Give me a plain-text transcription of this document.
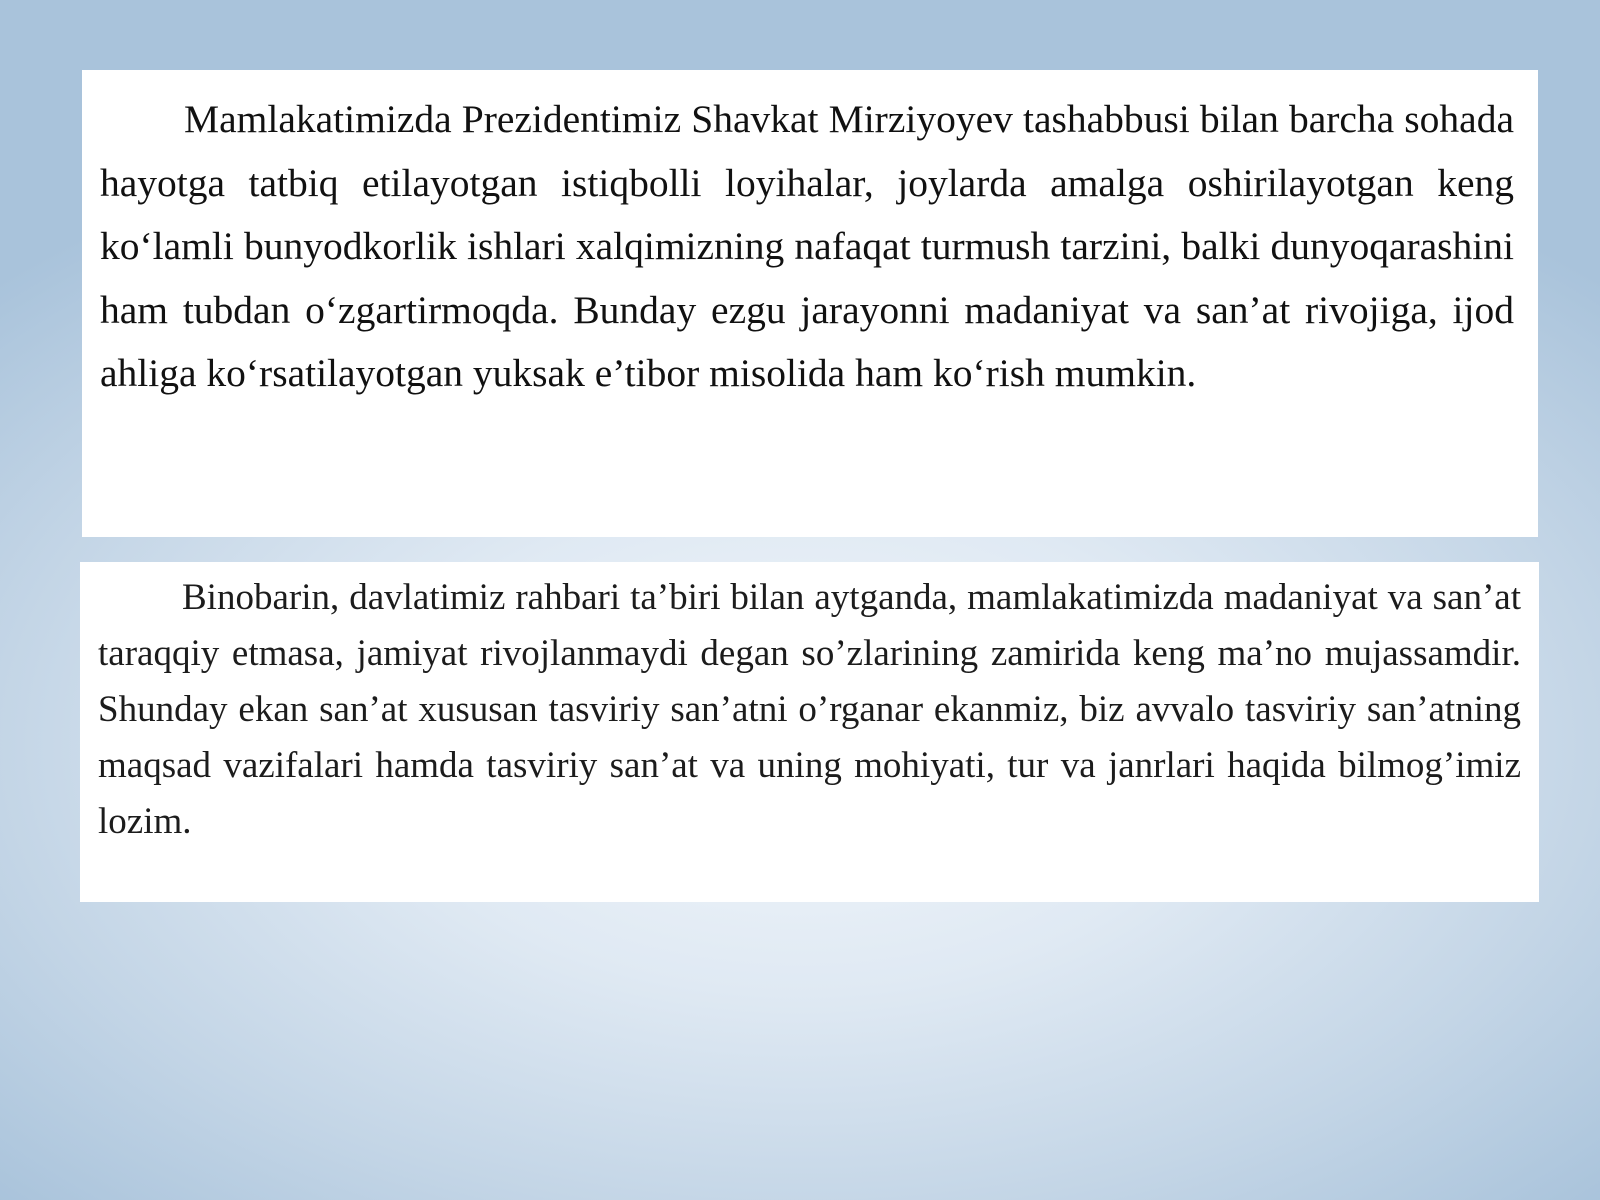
Mamlakatimizda Prezidentimiz Shavkat Mirziyoyev tashabbusi bilan barcha sohada hayotga tatbiq etilayotgan istiqbolli loyihalar, joylarda amalga oshirilayotgan keng ko‘lamli bunyodkorlik ishlari xalqimizning nafaqat turmush tarzini, balki dunyoqarashini ham tubdan o‘zgartirmoqda. Bunday ezgu jarayonni madaniyat va san’at rivojiga, ijod ahliga ko‘rsatilayotgan yuksak e’tibor misolida ham ko‘rish mumkin.

Binobarin, davlatimiz rahbari ta’biri bilan aytganda, mamlakatimizda madaniyat va san’at taraqqiy etmasa, jamiyat rivojlanmaydi degan so’zlarining zamirida keng ma’no mujassamdir. Shunday ekan san’at xususan tasviriy san’atni o’rganar ekanmiz, biz avvalo tasviriy san’atning maqsad vazifalari hamda tasviriy san’at va uning mohiyati, tur va janrlari haqida bilmog’imiz lozim.
